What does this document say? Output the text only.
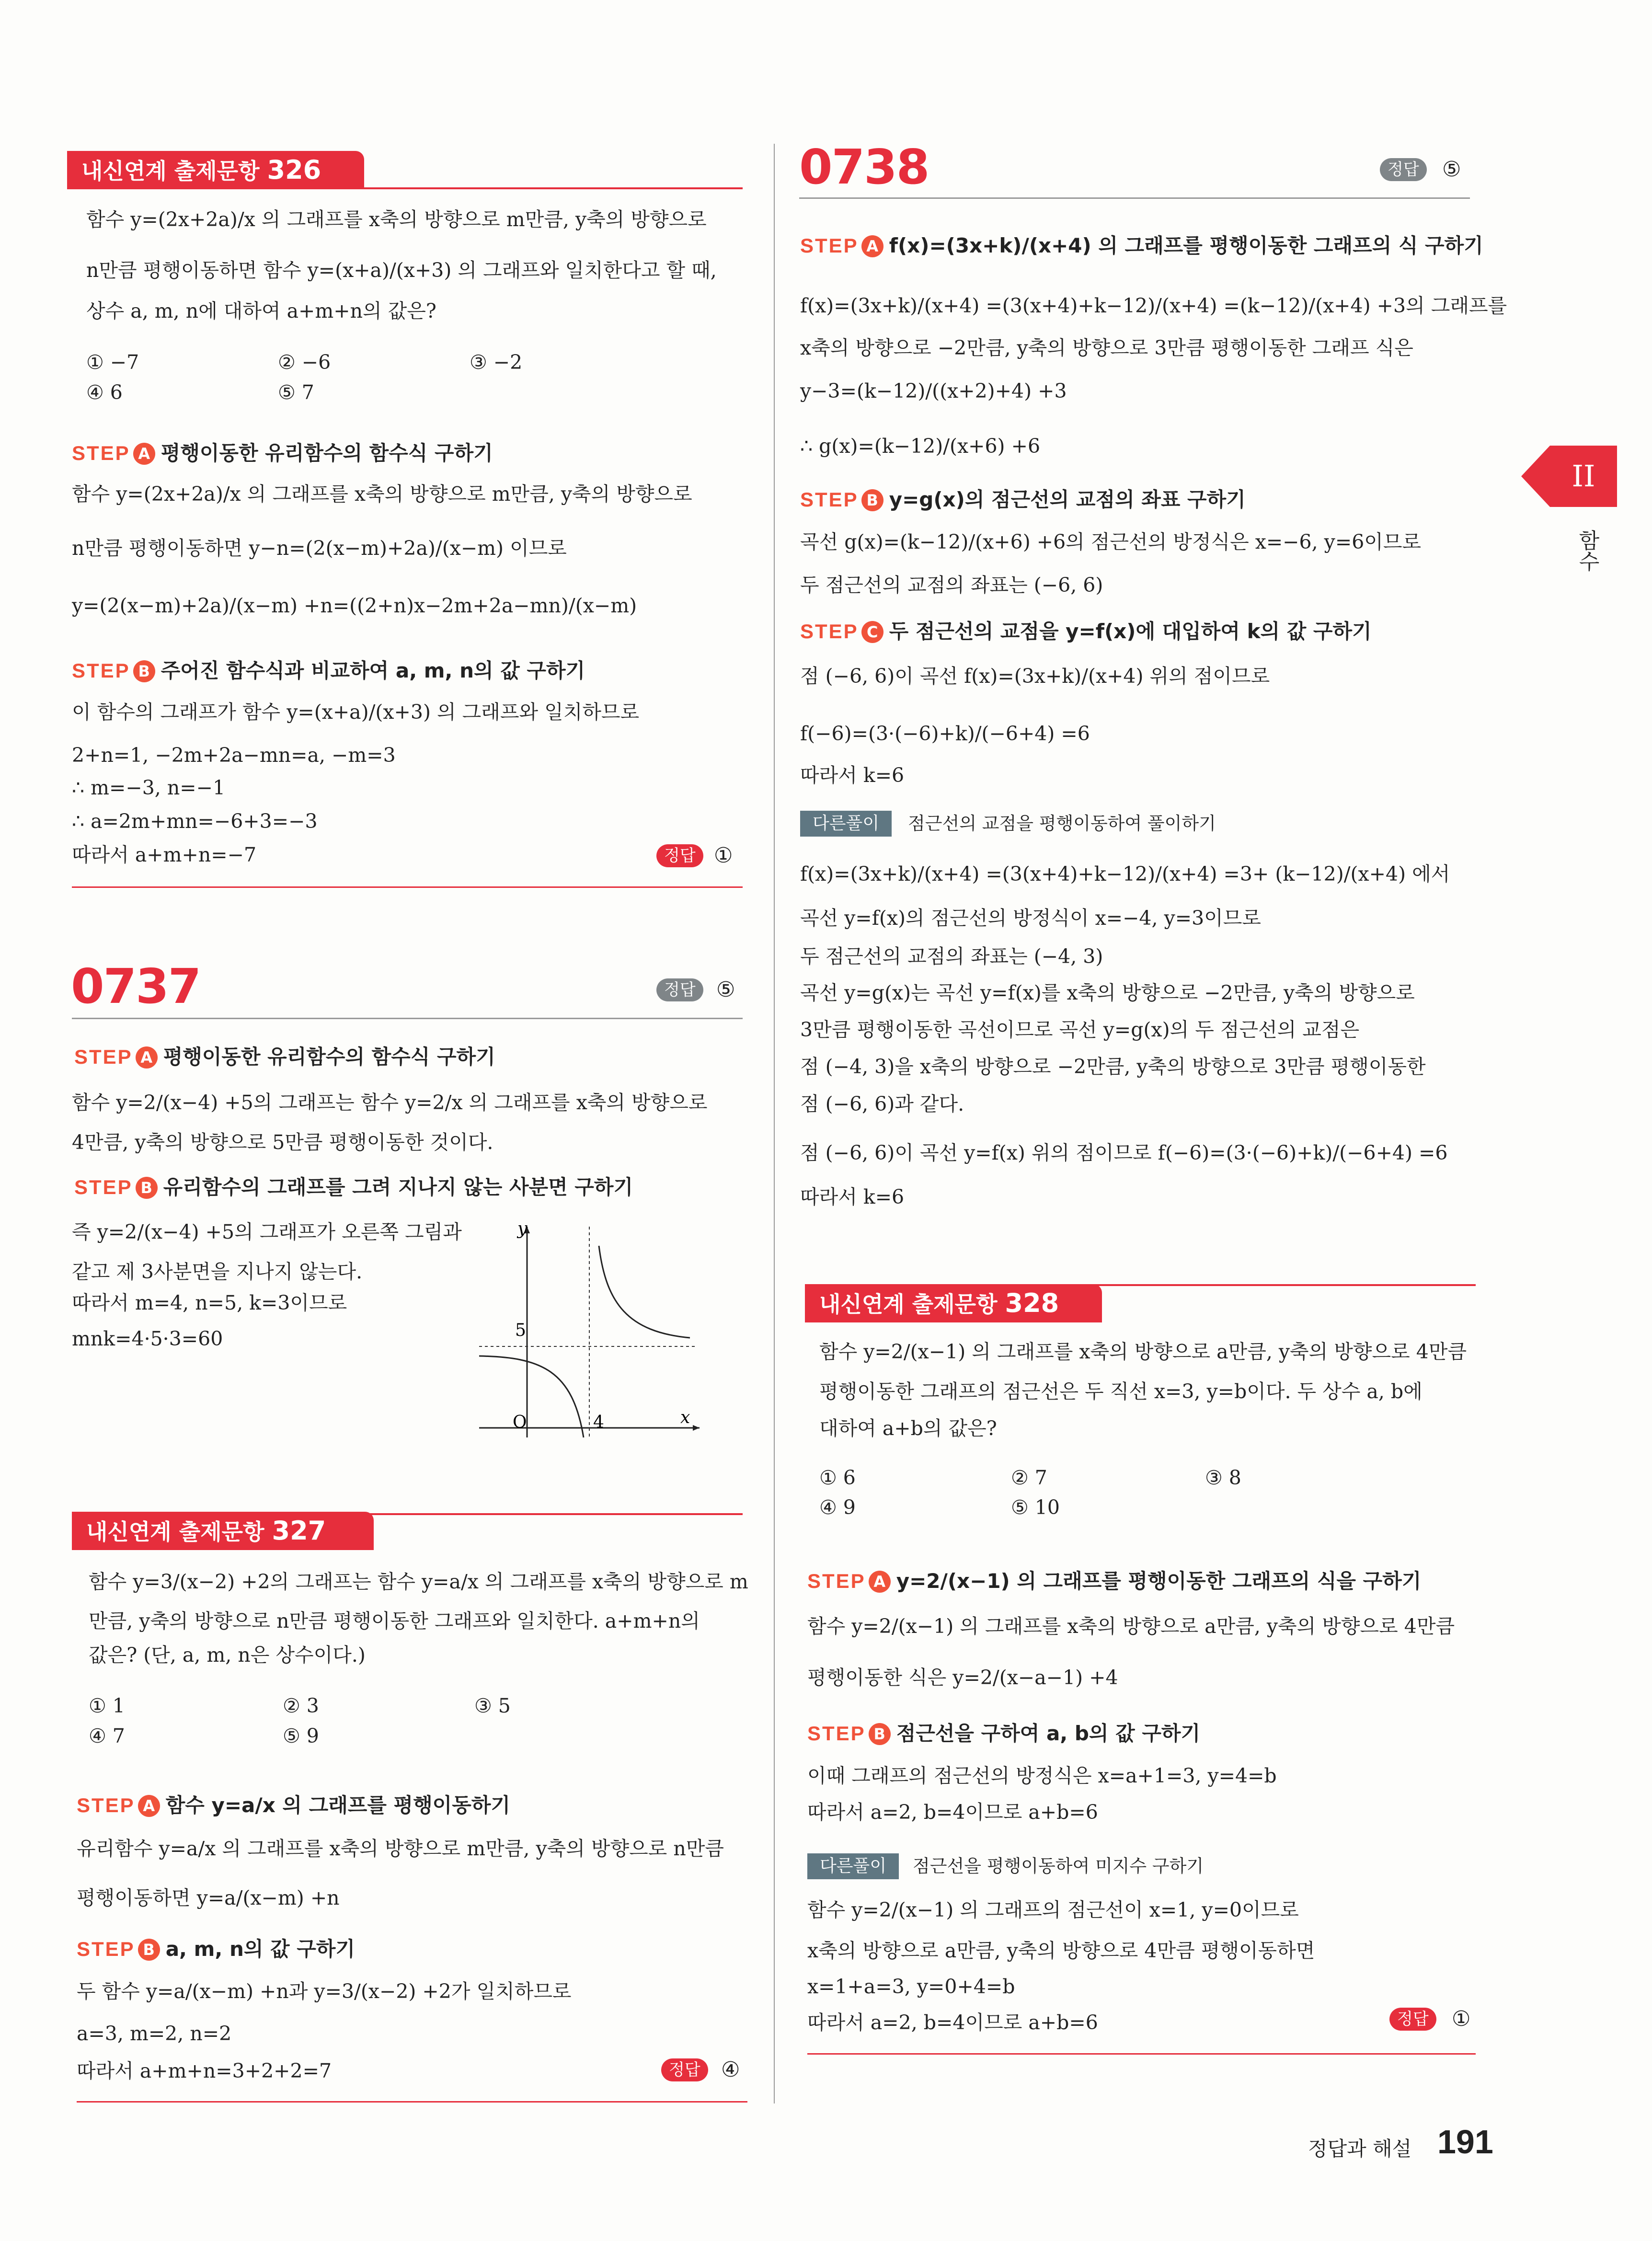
내신연계 출제문항 326
함수 y=(2x+2a)/x 의 그래프를 x축의 방향으로 m만큼, y축의 방향으로
n만큼 평행이동하면 함수 y=(x+a)/(x+3) 의 그래프와 일치한다고 할 때,
상수 a, m, n에 대하여 a+m+n의 값은?
① −7	② −6	③ −2
④ 6	⑤ 7
STEP A 평행이동한 유리함수의 함수식 구하기
함수 y=(2x+2a)/x 의 그래프를 x축의 방향으로 m만큼, y축의 방향으로
n만큼 평행이동하면 y−n=(2(x−m)+2a)/(x−m) 이므로
y=(2(x−m)+2a)/(x−m) +n=((2+n)x−2m+2a−mn)/(x−m)
STEP B 주어진 함수식과 비교하여 a, m, n의 값 구하기
이 함수의 그래프가 함수 y=(x+a)/(x+3) 의 그래프와 일치하므로
2+n=1, −2m+2a−mn=a, −m=3
∴ m=−3, n=−1
∴ a=2m+mn=−6+3=−3
따라서 a+m+n=−7	정답 ①
0737	정답 ⑤
STEP A 평행이동한 유리함수의 함수식 구하기
함수 y=2/(x−4) +5의 그래프는 함수 y=2/x 의 그래프를 x축의 방향으로
4만큼, y축의 방향으로 5만큼 평행이동한 것이다.
STEP B 유리함수의 그래프를 그려 지나지 않는 사분면 구하기
즉 y=2/(x−4) +5의 그래프가 오른쪽 그림과
같고 제 3사분면을 지나지 않는다.
따라서 m=4, n=5, k=3이므로
mnk=4·5·3=60
y
x
O	4
5
내신연계 출제문항 327
함수 y=3/(x−2) +2의 그래프는 함수 y=a/x 의 그래프를 x축의 방향으로 m
만큼, y축의 방향으로 n만큼 평행이동한 그래프와 일치한다. a+m+n의
값은? (단, a, m, n은 상수이다.)
① 1	② 3	③ 5
④ 7	⑤ 9
STEP A 함수 y=a/x 의 그래프를 평행이동하기
유리함수 y=a/x 의 그래프를 x축의 방향으로 m만큼, y축의 방향으로 n만큼
평행이동하면 y=a/(x−m) +n
STEP B a, m, n의 값 구하기
두 함수 y=a/(x−m) +n과 y=3/(x−2) +2가 일치하므로
a=3, m=2, n=2
따라서 a+m+n=3+2+2=7	정답 ④
0738	정답	⑤
STEP A f(x)=(3x+k)/(x+4) 의 그래프를 평행이동한 그래프의 식 구하기
f(x)=(3x+k)/(x+4) =(3(x+4)+k−12)/(x+4) =(k−12)/(x+4) +3의 그래프를
x축의 방향으로 −2만큼, y축의 방향으로 3만큼 평행이동한 그래프 식은
y−3=(k−12)/((x+2)+4) +3
∴ g(x)=(k−12)/(x+6) +6
STEP B y=g(x)의 점근선의 교점의 좌표 구하기
곡선 g(x)=(k−12)/(x+6) +6의 점근선의 방정식은 x=−6, y=6이므로
두 점근선의 교점의 좌표는 (−6, 6)
STEP C 두 점근선의 교점을 y=f(x)에 대입하여 k의 값 구하기
점 (−6, 6)이 곡선 f(x)=(3x+k)/(x+4) 위의 점이므로
f(−6)=(3·(−6)+k)/(−6+4) =6
따라서 k=6
다른풀이	점근선의 교점을 평행이동하여 풀이하기
f(x)=(3x+k)/(x+4) =(3(x+4)+k−12)/(x+4) =3+ (k−12)/(x+4) 에서
곡선 y=f(x)의 점근선의 방정식이 x=−4, y=3이므로
두 점근선의 교점의 좌표는 (−4, 3)
곡선 y=g(x)는 곡선 y=f(x)를 x축의 방향으로 −2만큼, y축의 방향으로
3만큼 평행이동한 곡선이므로 곡선 y=g(x)의 두 점근선의 교점은
점 (−4, 3)을 x축의 방향으로 −2만큼, y축의 방향으로 3만큼 평행이동한
점 (−6, 6)과 같다.
점 (−6, 6)이 곡선 y=f(x) 위의 점이므로 f(−6)=(3·(−6)+k)/(−6+4) =6
따라서 k=6
내신연계 출제문항 328
함수 y=2/(x−1) 의 그래프를 x축의 방향으로 a만큼, y축의 방향으로 4만큼
평행이동한 그래프의 점근선은 두 직선 x=3, y=b이다. 두 상수 a, b에
대하여 a+b의 값은?
① 6	② 7	③ 8
④ 9	⑤ 10
STEP A y=2/(x−1) 의 그래프를 평행이동한 그래프의 식을 구하기
함수 y=2/(x−1) 의 그래프를 x축의 방향으로 a만큼, y축의 방향으로 4만큼
평행이동한 식은 y=2/(x−a−1) +4
STEP B 점근선을 구하여 a, b의 값 구하기
이때 그래프의 점근선의 방정식은 x=a+1=3, y=4=b
따라서 a=2, b=4이므로 a+b=6
다른풀이	점근선을 평행이동하여 미지수 구하기
함수 y=2/(x−1) 의 그래프의 점근선이 x=1, y=0이므로
x축의 방향으로 a만큼, y축의 방향으로 4만큼 평행이동하면
x=1+a=3, y=0+4=b
따라서 a=2, b=4이므로 a+b=6	정답	①
II
함수
정답과 해설 191
